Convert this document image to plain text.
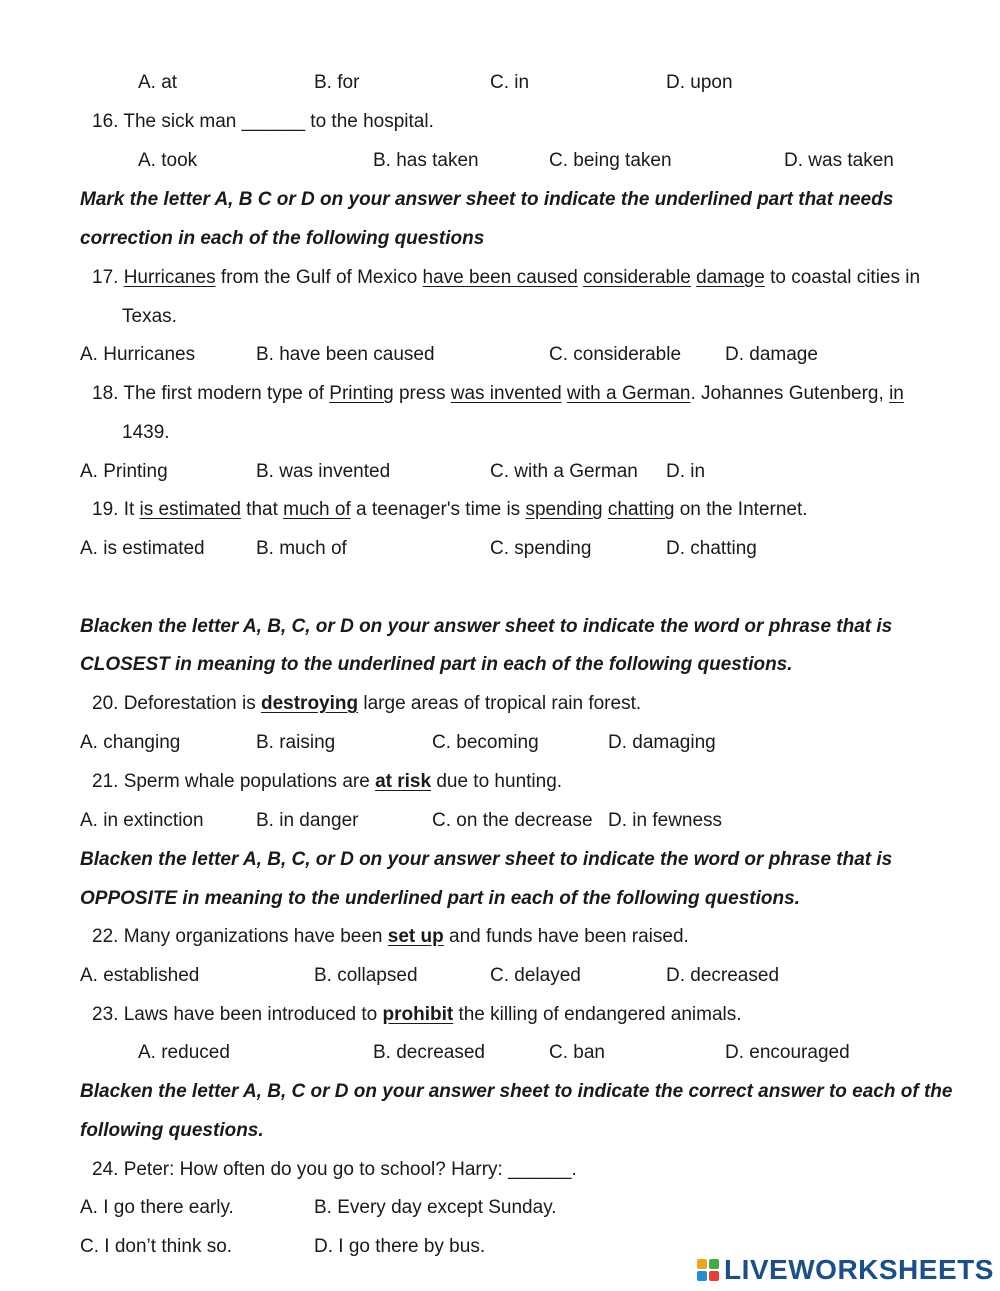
A. at	B. for	C. in	D. upon
16. The sick man ______ to the hospital.
A. took	B. has taken	C. being taken	D. was taken
Mark the letter A, B C or D on your answer sheet to indicate the underlined part that needs
correction in each of the following questions
17. Hurricanes from the Gulf of Mexico have been caused considerable damage to coastal cities in
Texas.
A. Hurricanes	B. have been caused	C. considerable D. damage
18. The first modern type of Printing press was invented with a German. Johannes Gutenberg, in
1439.
A. Printing	B. was invented	C. with a German D. in
19. It is estimated that much of a teenager's time is spending chatting on the Internet.
A. is estimated	B. much of	C. spending	D. chatting
Blacken the letter A, B, C, or D on your answer sheet to indicate the word or phrase that is
CLOSEST in meaning to the underlined part in each of the following questions.
20. Deforestation is destroying large areas of tropical rain forest.
A. changing	B. raising	C. becoming	D. damaging
21. Sperm whale populations are at risk due to hunting.
A. in extinction	B. in danger	C. on the decrease D. in fewness
Blacken the letter A, B, C, or D on your answer sheet to indicate the word or phrase that is
OPPOSITE in meaning to the underlined part in each of the following questions.
22. Many organizations have been set up and funds have been raised.
A. established	B. collapsed	C. delayed	D. decreased
23. Laws have been introduced to prohibit the killing of endangered animals.
A. reduced	B. decreased	C. ban	D. encouraged
Blacken the letter A, B, C or D on your answer sheet to indicate the correct answer to each of the
following questions.
24. Peter: How often do you go to school? Harry: ______.
A. I go there early.	B. Every day except Sunday.
C. I don’t think so.	D. I go there by bus.
LIVEWORKSHEETS
